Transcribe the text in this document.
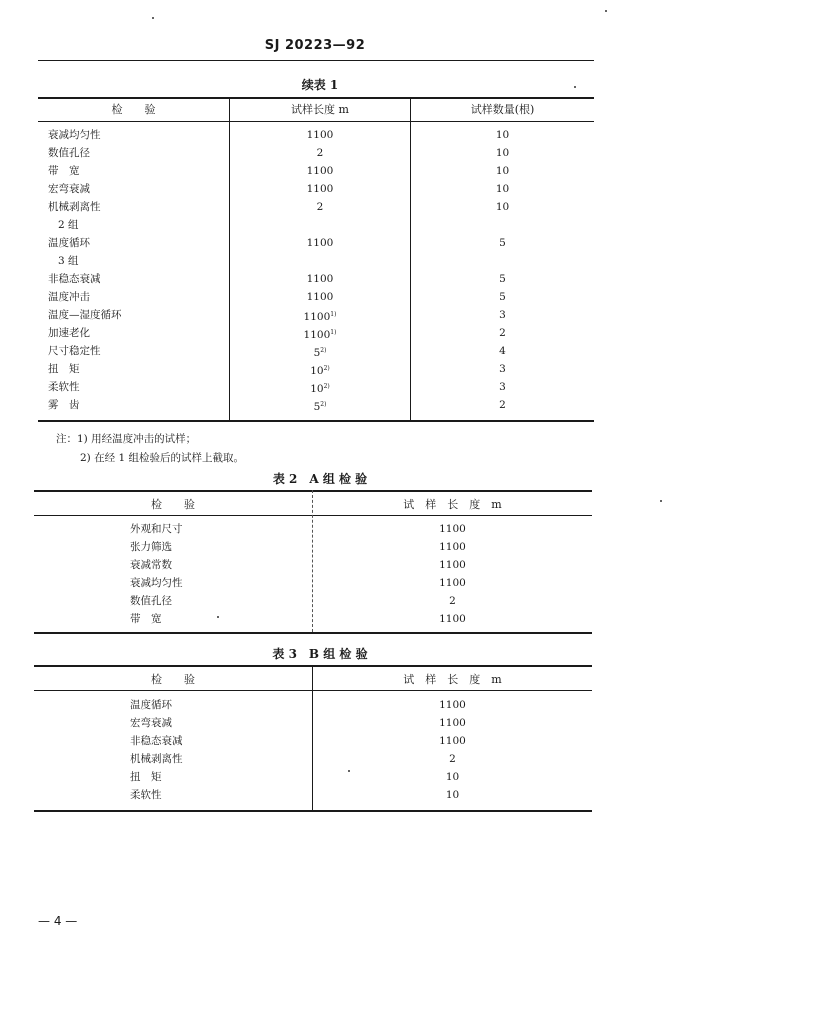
SJ 20223—92
续表 1
检　　验	试样长度 m	试样数量(根)
衰减均匀性	1100	10
数值孔径	2	10
带　宽	1100	10
宏弯衰减	1100	10
机械剥离性	2	10
2 组
温度循环	1100	5
3 组
非稳态衰减	1100	5
温度冲击	1100	5
温度—湿度循环	1100$^{1)}$	3
加速老化	1100$^{1)}$	2
尺寸稳定性	5$^{2)}$	4
扭　矩	10$^{2)}$	3
柔软性	10$^{2)}$	3
雾　齿	5$^{2)}$	2
注：1) 用经温度冲击的试样；
2) 在经 1 组检验后的试样上截取。
表 2　A 组 检 验
检　　验	试　样　长　度　m
外观和尺寸	1100
张力筛选	1100
衰减常数	1100
衰减均匀性	1100
数值孔径	2
带　宽	1100
表 3　B 组 检 验
检　　验	试　样　长　度　m
温度循环	1100
宏弯衰减	1100
非稳态衰减	1100
机械剥离性	2
扭　矩	10
柔软性	10
— 4 —
